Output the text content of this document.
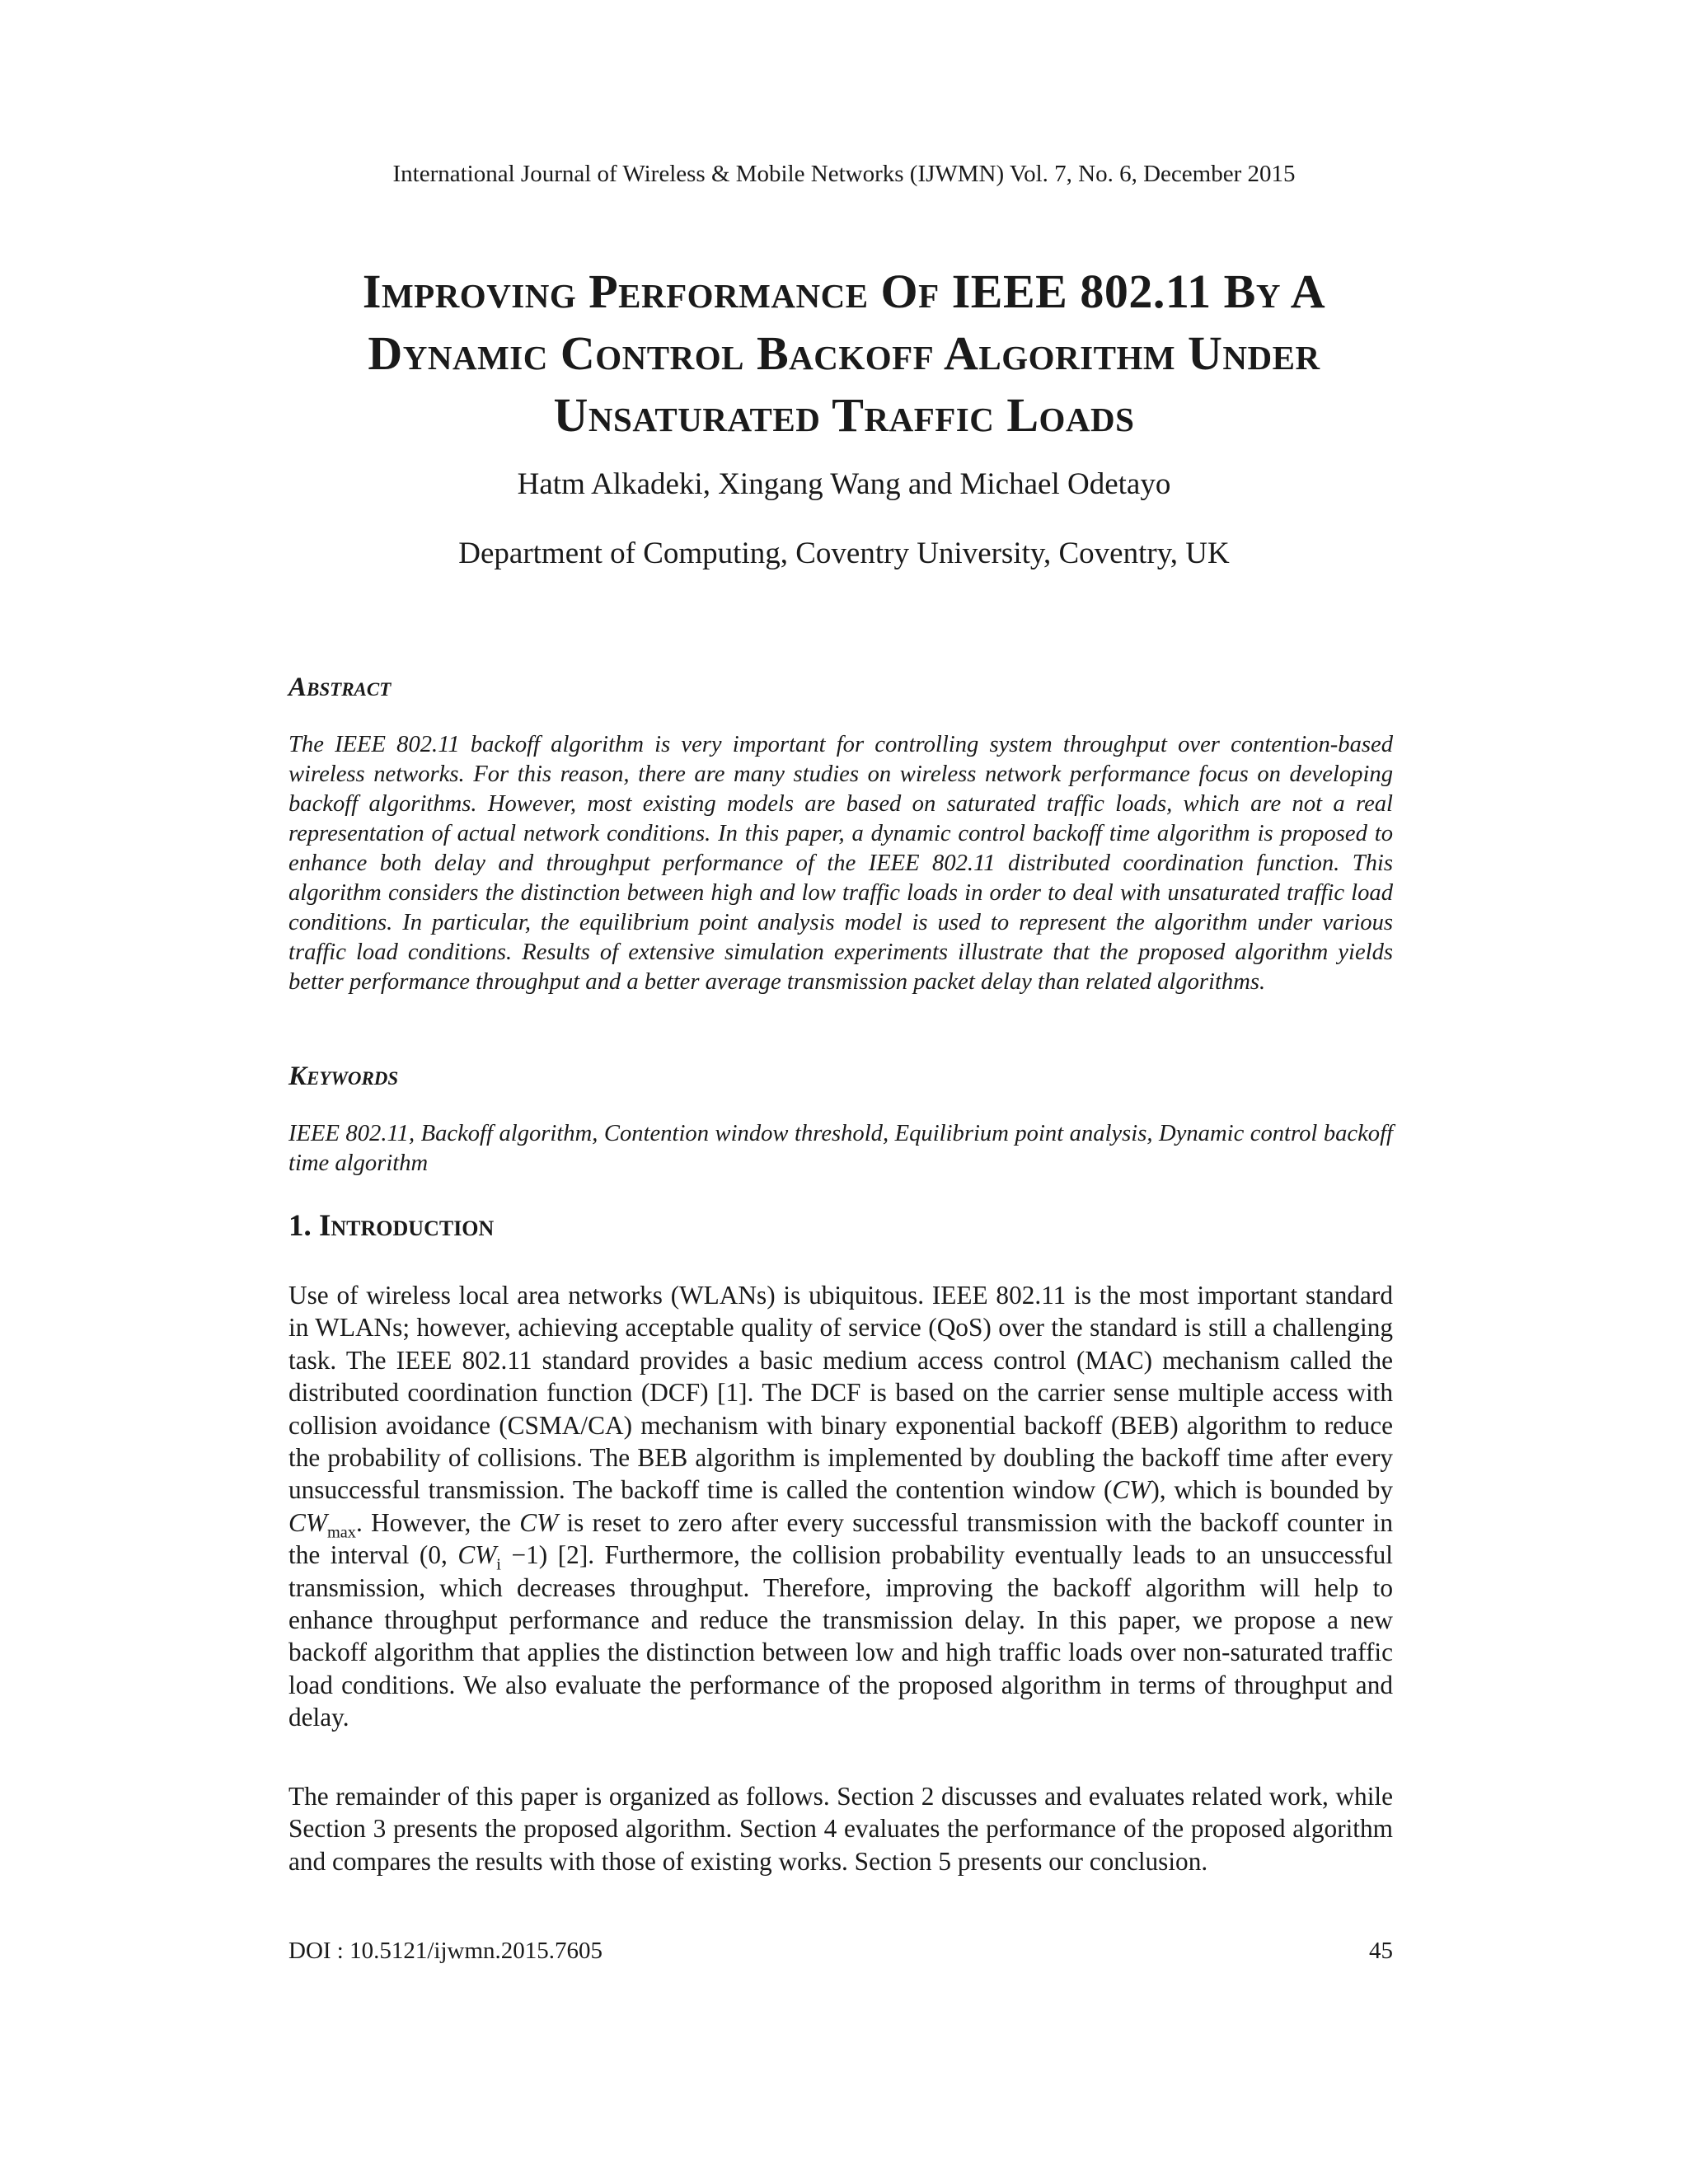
International Journal of Wireless & Mobile Networks (IJWMN) Vol. 7, No. 6, December 2015
Improving Performance Of IEEE 802.11 By A
Dynamic Control Backoff Algorithm Under
Unsaturated Traffic Loads
Hatm Alkadeki, Xingang Wang and Michael Odetayo
Department of Computing, Coventry University, Coventry, UK
Abstract

The IEEE 802.11 backoff algorithm is very important for controlling system throughput over contention-based wireless networks. For this reason, there are many studies on wireless network performance focus on developing backoff algorithms. However, most existing models are based on saturated traffic loads, which are not a real representation of actual network conditions. In this paper, a dynamic control backoff time algorithm is proposed to enhance both delay and throughput performance of the IEEE 802.11 distributed coordination function. This algorithm considers the distinction between high and low traffic loads in order to deal with unsaturated traffic load conditions. In particular, the equilibrium point analysis model is used to represent the algorithm under various traffic load conditions. Results of extensive simulation experiments illustrate that the proposed algorithm yields better performance throughput and a better average transmission packet delay than related algorithms.

Keywords

IEEE 802.11, Backoff algorithm, Contention window threshold, Equilibrium point analysis, Dynamic control backoff time algorithm

1. Introduction

Use of wireless local area networks (WLANs) is ubiquitous. IEEE 802.11 is the most important standard in WLANs; however, achieving acceptable quality of service (QoS) over the standard is still a challenging task. The IEEE 802.11 standard provides a basic medium access control (MAC) mechanism called the distributed coordination function (DCF) [1]. The DCF is based on the carrier sense multiple access with collision avoidance (CSMA/CA) mechanism with binary exponential backoff (BEB) algorithm to reduce the probability of collisions. The BEB algorithm is implemented by doubling the backoff time after every unsuccessful transmission. The backoff time is called the contention window (CW), which is bounded by $CW_{max}$. However, the CW is reset to zero after every successful transmission with the backoff counter in the interval (0, $CW_i -1$) [2]. Furthermore, the collision probability eventually leads to an unsuccessful transmission, which decreases throughput. Therefore, improving the backoff algorithm will help to enhance throughput performance and reduce the transmission delay. In this paper, we propose a new backoff algorithm that applies the distinction between low and high traffic loads over non-saturated traffic load conditions. We also evaluate the performance of the proposed algorithm in terms of throughput and delay.

The remainder of this paper is organized as follows. Section 2 discusses and evaluates related work, while Section 3 presents the proposed algorithm. Section 4 evaluates the performance of the proposed algorithm and compares the results with those of existing works. Section 5 presents our conclusion.

DOI : 10.5121/ijwmn.2015.7605	45
